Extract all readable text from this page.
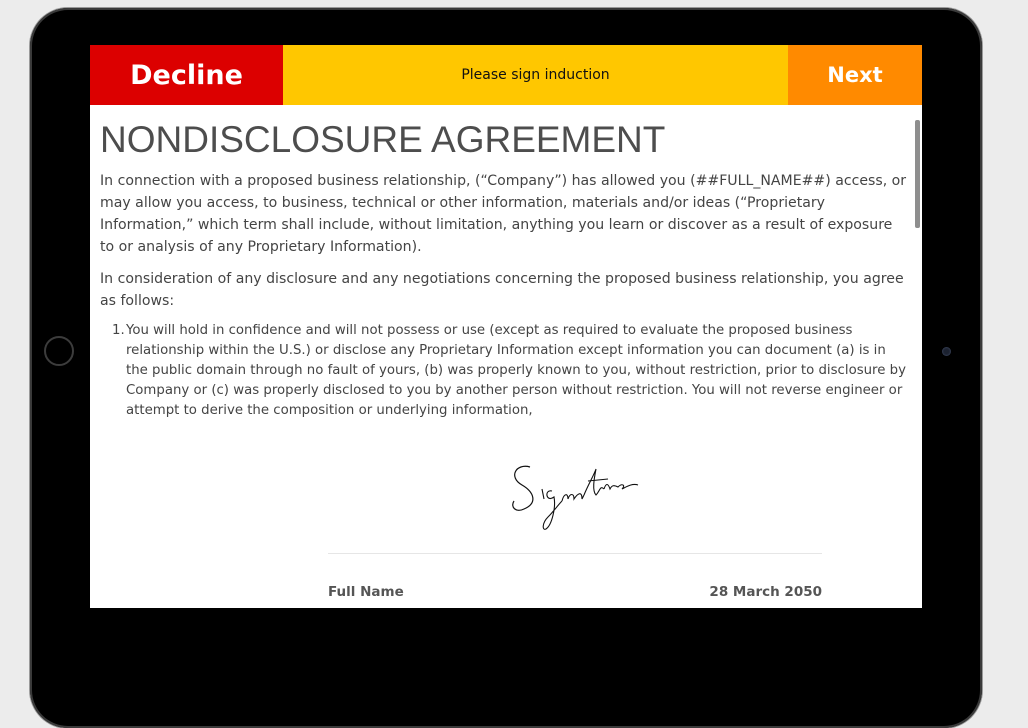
Decline	Please sign induction	Next
NONDISCLOSURE AGREEMENT

In connection with a proposed business relationship, (“Company”) has allowed you (##FULL_NAME##) access, or may allow you access, to business, technical or other information, materials and/or ideas (“Proprietary Information,” which term shall include, without limitation, anything you learn or discover as a result of exposure to or analysis of any Proprietary Information).

In consideration of any disclosure and any negotiations concerning the proposed business relationship, you agree as follows:

1. You will hold in confidence and will not possess or use (except as required to evaluate the proposed business relationship within the U.S.) or disclose any Proprietary Information except information you can document (a) is in the public domain through no fault of yours, (b) was properly known to you, without restriction, prior to disclosure by Company or (c) was properly disclosed to you by another person without restriction. You will not reverse engineer or attempt to derive the composition or underlying information,
Full Name	28 March 2050
